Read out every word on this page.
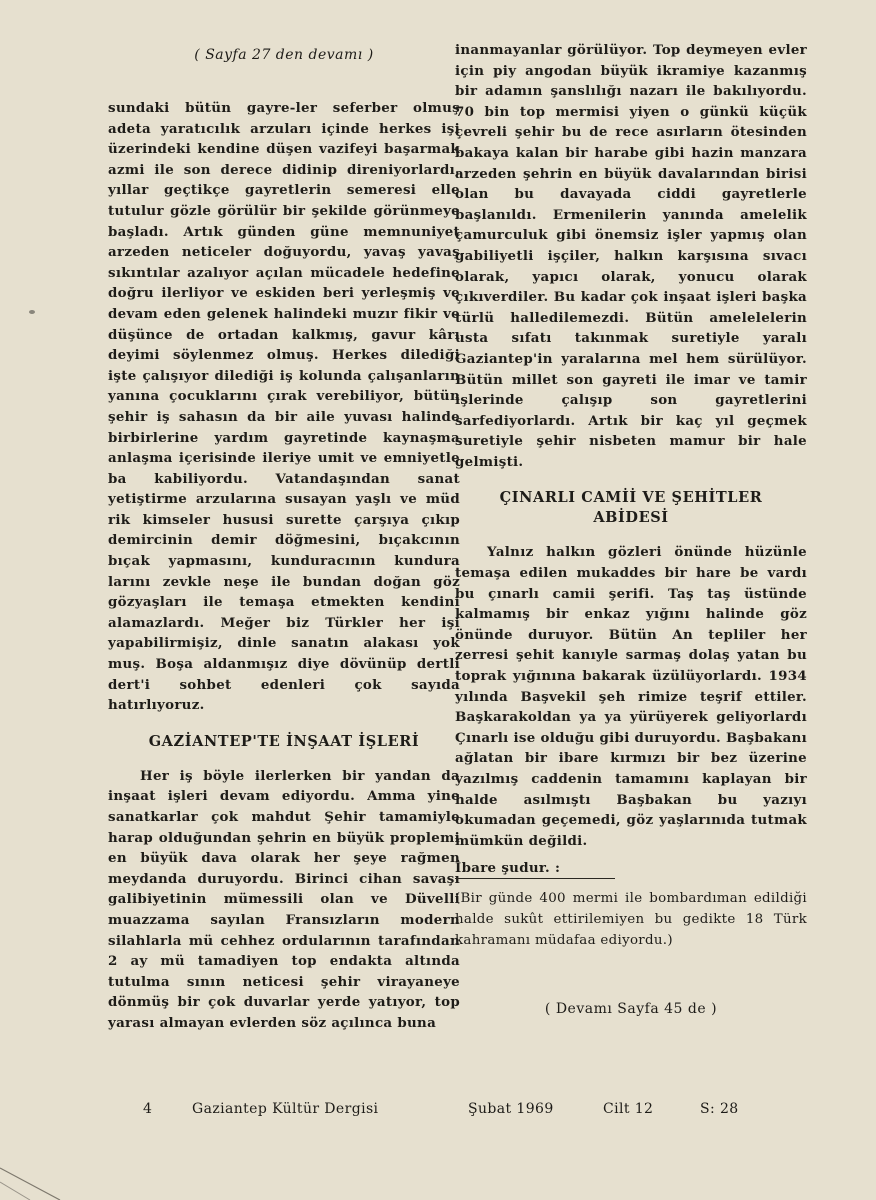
( Sayfa 27 den devamı )

sundaki bütün gayre-ler seferber olmuş adeta yaratıcılık arzuları içinde herkes işi üzerindeki kendine düşen vazifeyi başarmak azmi ile son derece didinip direniyorlardı, yıllar geçtikçe gayretlerin semeresi elle tutulur gözle görülür bir şekilde görünmeye başladı. Artık günden güne memnuniyet arzeden neticeler doğuyordu, yavaş yavaş sıkıntılar azalıyor açılan mücadele hedefine doğru ilerliyor ve eskiden beri yerleşmiş ve devam eden gelenek halindeki muzır fikir ve düşünce de ortadan kalkmış, gavur kârı deyimi söylenmez olmuş. Herkes dilediği işte çalışıyor dilediği iş kolunda çalışanların yanına çocuklarını çırak verebiliyor, bütün şehir iş sahasın da bir aile yuvası halinde birbirlerine yardım gayretinde kaynaşma anlaşma içerisinde ileriye umit ve emniyetle ba kabiliyordu. Vatandaşından sanat yetiştirme arzularına susayan yaşlı ve müd rik kimseler hususi surette çarşıya çıkıp demircinin demir döğmesini, bıçakcının bıçak yapmasını, kunduracının kundura larını zevkle neşe ile bundan doğan göz gözyaşları ile temaşa etmekten kendini alamazlardı. Meğer biz Türkler her işi yapabilirmişiz, dinle sanatın alakası yok muş. Boşa aldanmışız diye dövünüp dertli dert'i sohbet edenleri çok sayıda hatırlıyoruz.

GAZİANTEP'TE İNŞAAT İŞLERİ

Her iş böyle ilerlerken bir yandan da inşaat işleri devam ediyordu. Amma yine sanatkarlar çok mahdut Şehir tamamiyle harap olduğundan şehrin en büyük proplemi en büyük dava olarak her şeye rağmen meydanda duruyordu. Birinci cihan savaşı galibiyetinin mümessili olan ve Düvelli muazzama sayılan Fransızların modern silahlarla mü cehhez ordularının tarafından 2 ay mü tamadiyen top endakta altında tutulma sının neticesi şehir virayaneye dönmüş bir çok duvarlar yerde yatıyor, top yarası almayan evlerden söz açılınca buna

inanmayanlar görülüyor. Top deymeyen evler için piy angodan büyük ikramiye kazanmış bir adamın şanslılığı nazarı ile bakılıyordu. 70 bin top mermisi yiyen o günkü küçük çevreli şehir bu de rece asırların ötesinden bakaya kalan bir harabe gibi hazin manzara arzeden şehrin en büyük davalarından birisi olan bu davayada ciddi gayretlerle başlanıldı. Ermenilerin yanında amelelik çamurculuk gibi önemsiz işler yapmış olan gabiliyetli işçiler, halkın karşısına sıvacı olarak, yapıcı olarak, yonucu olarak çıkıverdiler. Bu kadar çok inşaat işleri başka türlü halledilemezdi. Bütün amelelelerin usta sıfatı takınmak suretiyle yaralı Gaziantep'in yaralarına mel hem sürülüyor. Bütün millet son gayreti ile imar ve tamir işlerinde çalışıp son gayretlerini sarfediyorlardı. Artık bir kaç yıl geçmek suretiyle şehir nisbeten mamur bir hale gelmişti.

ÇINARLI CAMİİ VE ŞEHİTLER
ABİDESİ

Yalnız halkın gözleri önünde hüzünle temaşa edilen mukaddes bir hare be vardı bu çınarlı camii şerifi. Taş taş üstünde kalmamış bir enkaz yığını halinde göz önünde duruyor. Bütün An tepliler her zerresi şehit kanıyle sarmaş dolaş yatan bu toprak yığınına bakarak üzülüyorlardı. 1934 yılında Başvekil şeh rimize teşrif ettiler. Başkarakoldan ya ya yürüyerek geliyorlardı Çınarlı ise olduğu gibi duruyordu. Başbakanı ağlatan bir ibare kırmızı bir bez üzerine yazılmış caddenin tamamını kaplayan bir halde asılmıştı Başbakan bu yazıyı okumadan geçemedi, göz yaşlarınıda tutmak mümkün değildi.

İbare şudur. :

(Bir günde 400 mermi ile bombardıman edildiği halde sukût ettirilemiyen bu gedikte 18 Türk kahramanı müdafaa ediyordu.)

( Devamı Sayfa 45 de )
4	Gaziantep Kültür Dergisi	Şubat 1969	Cilt 12	S: 28
